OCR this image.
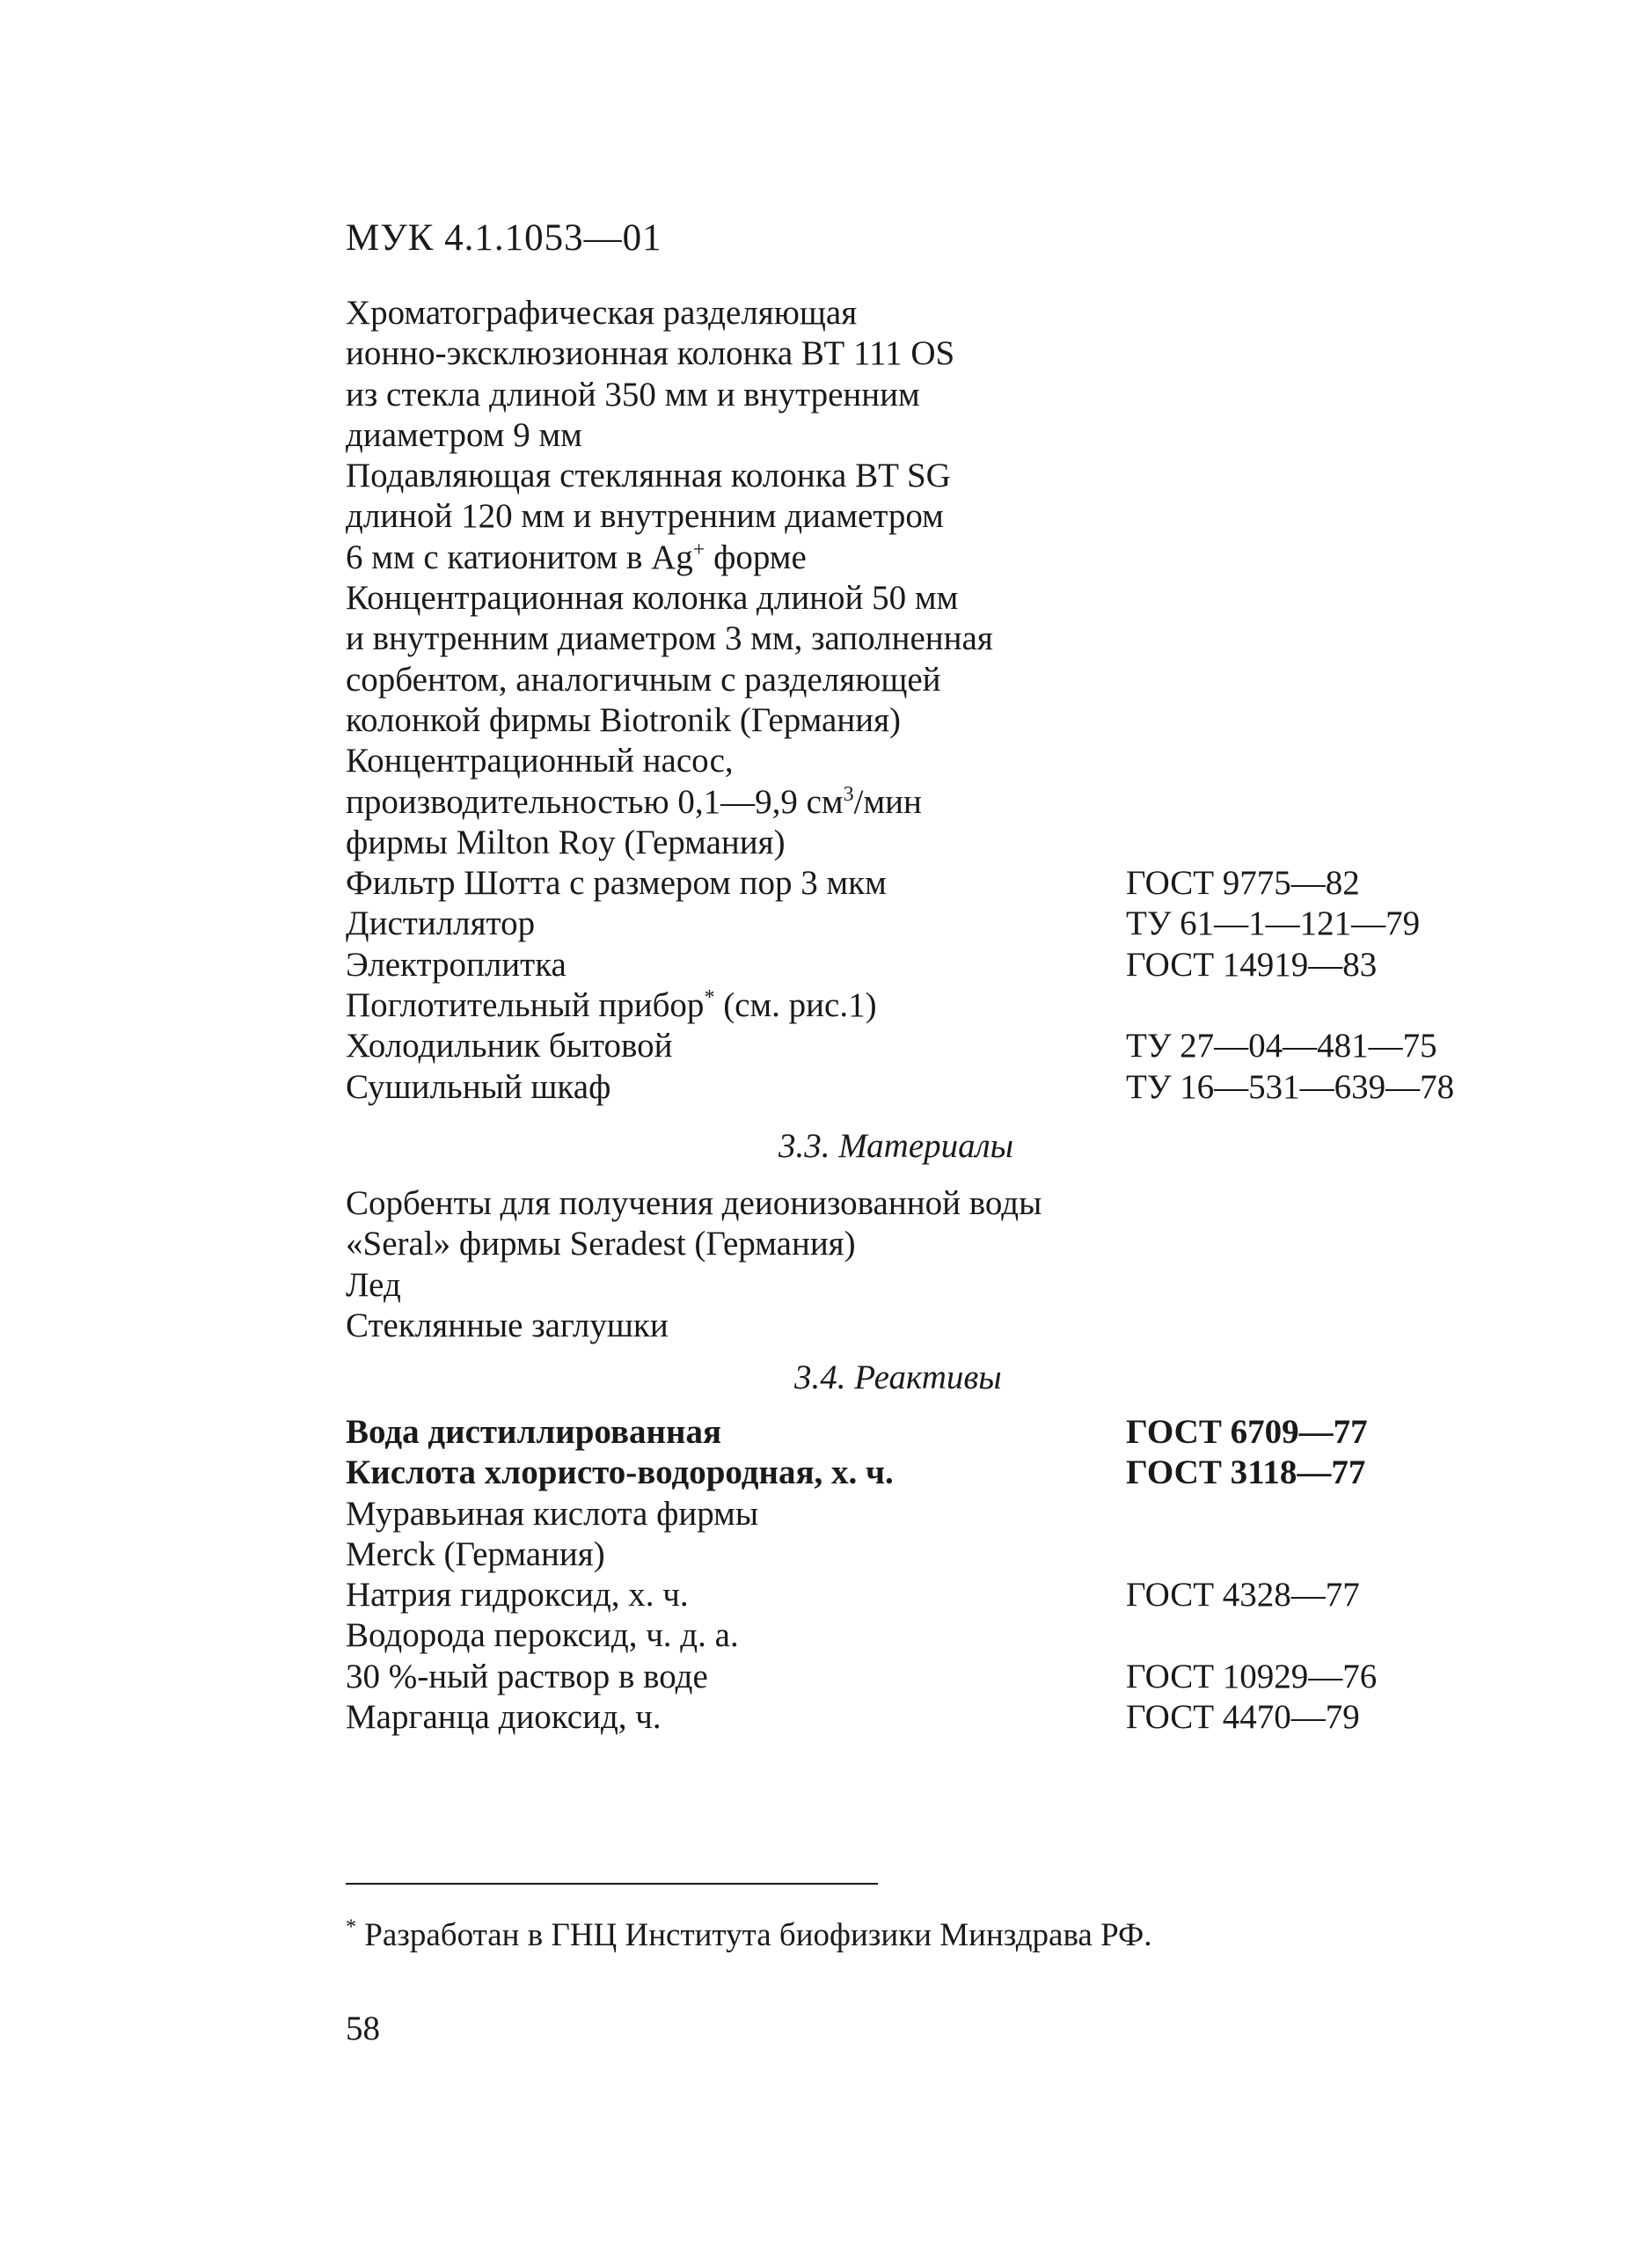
МУК 4.1.1053—01
Хроматографическая разделяющая
ионно-эксклюзионная колонка ВТ 111 OS
из стекла длиной 350 мм и внутренним
диаметром 9 мм
Подавляющая стеклянная колонка BT SG
длиной 120 мм и внутренним диаметром
6 мм с катионитом в Ag+ форме
Концентрационная колонка длиной 50 мм
и внутренним диаметром 3 мм, заполненная
сорбентом, аналогичным с разделяющей
колонкой фирмы Biotronik (Германия)
Концентрационный насос,
производительностью 0,1—9,9 $см^3$/мин
фирмы Milton Roy (Германия)
Фильтр Шотта с размером пор 3 мкм	ГОСТ 9775—82
Дистиллятор	ТУ 61—1—121—79
Электроплитка	ГОСТ 14919—83
Поглотительный прибор* (см. рис.1)
Холодильник бытовой	ТУ 27—04—481—75
Сушильный шкаф	ТУ 16—531—639—78
3.3. Материалы
Сорбенты для получения деионизованной воды
«Seral» фирмы Seradest (Германия)
Лед
Стеклянные заглушки
3.4. Реактивы
Вода дистиллированная	ГОСТ 6709—77
Кислота хлористо-водородная, х. ч.	ГОСТ 3118—77
Муравьиная кислота фирмы
Merck (Германия)
Натрия гидроксид, х. ч.	ГОСТ 4328—77
Водорода пероксид, ч. д. а.
30 %-ный раствор в воде	ГОСТ 10929—76
Марганца диоксид, ч.	ГОСТ 4470—79
* Разработан в ГНЦ Института биофизики Минздрава РФ.
58
